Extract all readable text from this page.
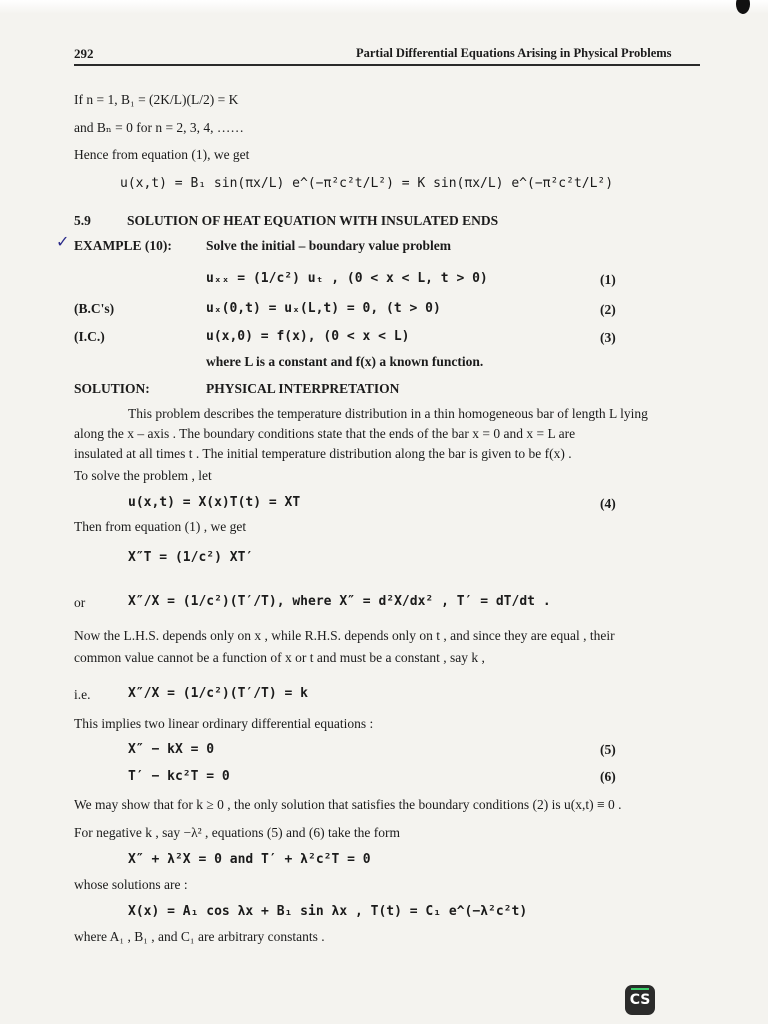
292	Partial Differential Equations Arising in Physical Problems
If n = 1, B₁ = (2K/L)(L/2) = K
and Bₙ = 0 for n = 2, 3, 4, ……
Hence from equation (1), we get
u(x,t) = B₁ sin(πx/L) e^(−π²c²t/L²) = K sin(πx/L) e^(−π²c²t/L²)
5.9	SOLUTION OF HEAT EQUATION WITH INSULATED ENDS
✓ EXAMPLE (10):	Solve the initial – boundary value problem
uₓₓ = (1/c²) uₜ , (0 < x < L, t > 0)	(1)
(B.C's)	uₓ(0,t) = uₓ(L,t) = 0, (t > 0)	(2)
(I.C.)	u(x,0) = f(x), (0 < x < L)	(3)
where L is a constant and f(x) a known function.
SOLUTION:	PHYSICAL INTERPRETATION
This problem describes the temperature distribution in a thin homogeneous bar of length L lying
along the x – axis . The boundary conditions state that the ends of the bar x = 0 and x = L are
insulated at all times t . The initial temperature distribution along the bar is given to be f(x) .
To solve the problem , let
u(x,t) = X(x)T(t) = XT	(4)
Then from equation (1) , we get
X″T = (1/c²) XT′
or	X″/X = (1/c²)(T′/T), where X″ = d²X/dx² , T′ = dT/dt .
Now the L.H.S. depends only on x , while R.H.S. depends only on t , and since they are equal , their
common value cannot be a function of x or t and must be a constant , say k ,
i.e.	X″/X = (1/c²)(T′/T) = k
This implies two linear ordinary differential equations :
X″ − kX = 0	(5)
T′ − kc²T = 0	(6)
We may show that for k ≥ 0 , the only solution that satisfies the boundary conditions (2) is u(x,t) ≡ 0 .
For negative k , say −λ² , equations (5) and (6) take the form
X″ + λ²X = 0 and T′ + λ²c²T = 0
whose solutions are :
X(x) = A₁ cos λx + B₁ sin λx , T(t) = C₁ e^(−λ²c²t)
where A₁ , B₁ , and C₁ are arbitrary constants .
CS
